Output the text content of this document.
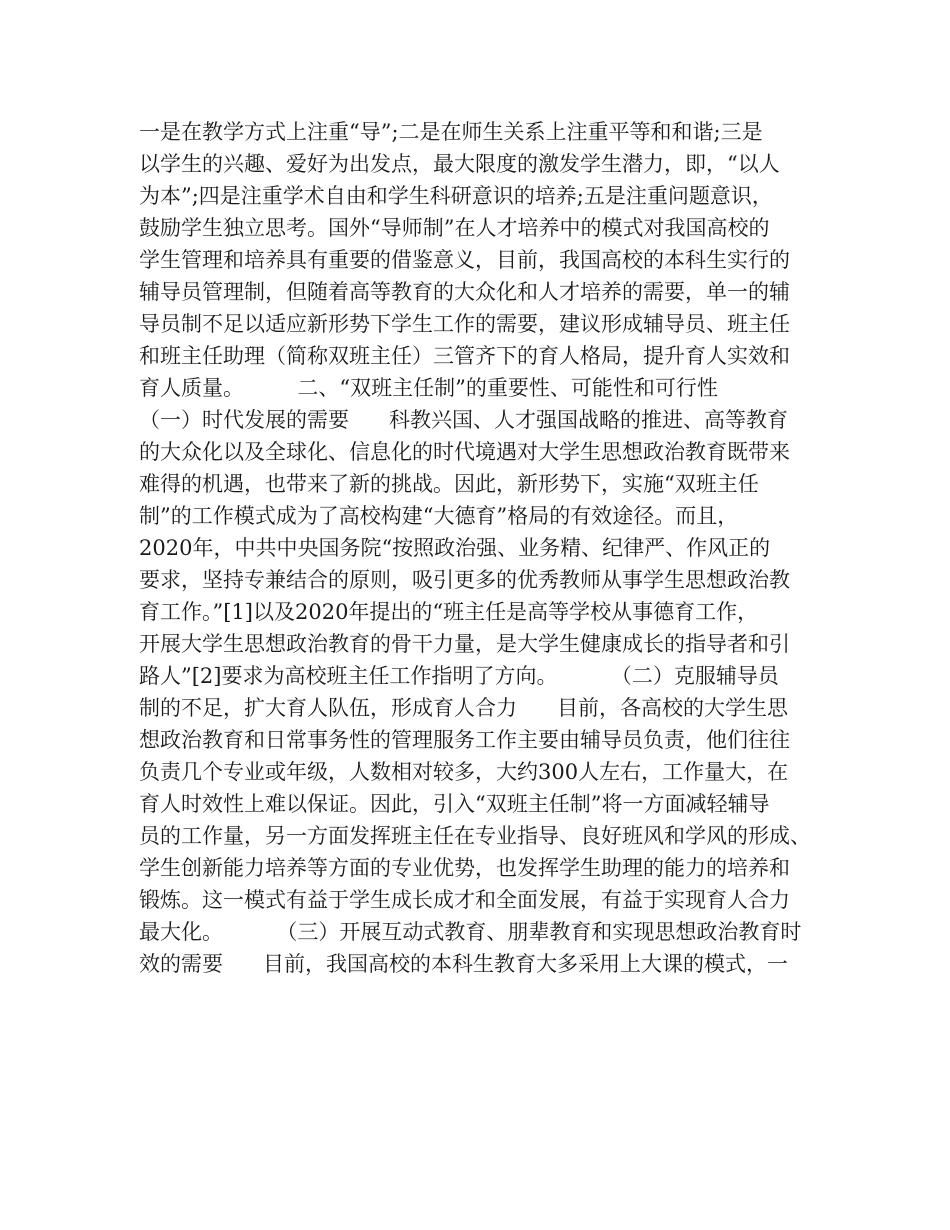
一是在教学方式上注重“导”;二是在师生关系上注重平等和和谐;三是
以学生的兴趣、爱好为出发点，最大限度的激发学生潜力，即，“以人
为本”;四是注重学术自由和学生科研意识的培养;五是注重问题意识，
鼓励学生独立思考。国外“导师制”在人才培养中的模式对我国高校的
学生管理和培养具有重要的借鉴意义，目前，我国高校的本科生实行的
辅导员管理制，但随着高等教育的大众化和人才培养的需要，单一的辅
导员制不足以适应新形势下学生工作的需要，建议形成辅导员、班主任
和班主任助理（简称双班主任）三管齐下的育人格局，提升育人实效和
育人质量。        二、“双班主任制”的重要性、可能性和可行性
（一）时代发展的需要      科教兴国、人才强国战略的推进、高等教育
的大众化以及全球化、信息化的时代境遇对大学生思想政治教育既带来
难得的机遇，也带来了新的挑战。因此，新形势下，实施“双班主任
制”的工作模式成为了高校构建“大德育”格局的有效途径。而且，
2020年，中共中央国务院“按照政治强、业务精、纪律严、作风正的
要求，坚持专兼结合的原则，吸引更多的优秀教师从事学生思想政治教
育工作。”[1]以及2020年提出的“班主任是高等学校从事德育工作，
开展大学生思想政治教育的骨干力量，是大学生健康成长的指导者和引
路人”[2]要求为高校班主任工作指明了方向。        （二）克服辅导员
制的不足，扩大育人队伍，形成育人合力      目前，各高校的大学生思
想政治教育和日常事务性的管理服务工作主要由辅导员负责，他们往往
负责几个专业或年级，人数相对较多，大约300人左右，工作量大，在
育人时效性上难以保证。因此，引入“双班主任制”将一方面减轻辅导
员的工作量，另一方面发挥班主任在专业指导、良好班风和学风的形成、
学生创新能力培养等方面的专业优势，也发挥学生助理的能力的培养和
锻炼。这一模式有益于学生成长成才和全面发展，有益于实现育人合力
最大化。        （三）开展互动式教育、朋辈教育和实现思想政治教育时
效的需要      目前，我国高校的本科生教育大多采用上大课的模式，一
